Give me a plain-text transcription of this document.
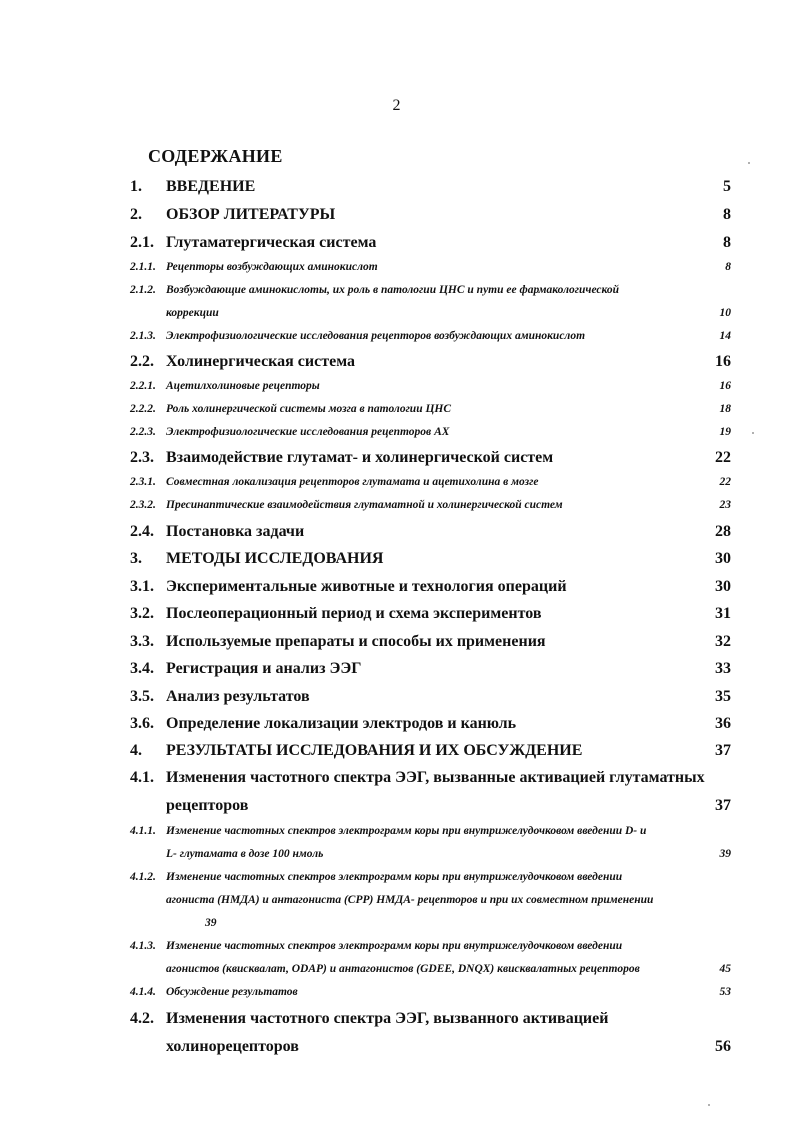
2
СОДЕРЖАНИЕ
1. ВВЕДЕНИЕ	5
2. ОБЗОР ЛИТЕРАТУРЫ	8
2.1. Глутаматергическая система	8
2.1.1. Рецепторы возбуждающих аминокислот	8
2.1.2. Возбуждающие аминокислоты, их роль в патологии ЦНС и пути ее фармакологической
коррекции	10
2.1.3. Электрофизиологические исследования рецепторов возбуждающих аминокислот	14
2.2. Холинергическая система	16
2.2.1. Ацетилхолиновые рецепторы	16
2.2.2. Роль холинергической системы мозга в патологии ЦНС	18
2.2.3. Электрофизиологические исследования рецепторов АХ	19
2.3. Взаимодействие глутамат- и холинергической систем	22
2.3.1. Совместная локализация рецепторов глутамата и ацетихолина в мозге	22
2.3.2. Пресинаптические взаимодействия глутаматной и холинергической систем	23
2.4. Постановка задачи	28
3. МЕТОДЫ ИССЛЕДОВАНИЯ	30
3.1. Экспериментальные животные и технология операций	30
3.2. Послеоперационный период и схема экспериментов	31
3.3. Используемые препараты и способы их применения	32
3.4. Регистрация и анализ ЭЭГ	33
3.5. Анализ результатов	35
3.6. Определение локализации электродов и канюль	36
4. РЕЗУЛЬТАТЫ ИССЛЕДОВАНИЯ И ИХ ОБСУЖДЕНИЕ	37
4.1. Изменения частотного спектра ЭЭГ, вызванные активацией глутаматных
рецепторов	37
4.1.1. Изменение частотных спектров электрограмм коры при внутрижелудочковом введении D- и
L- глутамата в дозе 100 нмоль	39
4.1.2. Изменение частотных спектров электрограмм коры при внутрижелудочковом введении
агониста (НМДА) и антагониста (CPP) НМДА- рецепторов и при их совместном применении
39
4.1.3. Изменение частотных спектров электрограмм коры при внутрижелудочковом введении
агонистов (квисквалат, ODAP) и антагонистов (GDEE, DNQX) квисквалатных рецепторов	45
4.1.4. Обсуждение результатов	53
4.2. Изменения частотного спектра ЭЭГ, вызванного активацией
холинорецепторов	56
